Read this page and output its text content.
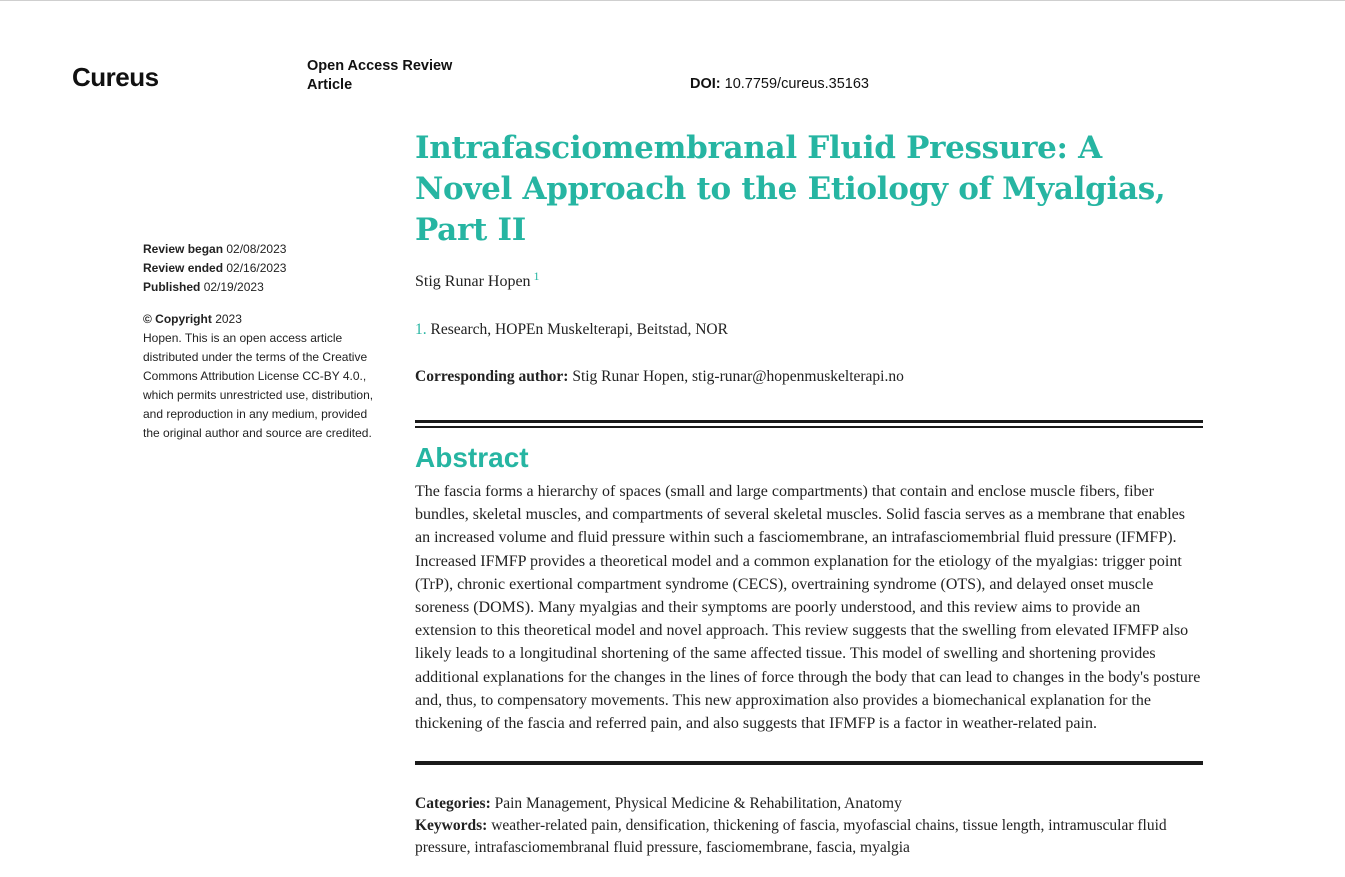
Cureus	Open Access Review Article	DOI: 10.7759/cureus.35163
Review began 02/08/2023
Review ended 02/16/2023
Published 02/19/2023
© Copyright 2023
Hopen. This is an open access article distributed under the terms of the Creative Commons Attribution License CC-BY 4.0., which permits unrestricted use, distribution, and reproduction in any medium, provided the original author and source are credited.
Intrafasciomembranal Fluid Pressure: A Novel Approach to the Etiology of Myalgias, Part II
Stig Runar Hopen $^1$
1. Research, HOPEn Muskelterapi, Beitstad, NOR
Corresponding author: Stig Runar Hopen, stig-runar@hopenmuskelterapi.no
Abstract

The fascia forms a hierarchy of spaces (small and large compartments) that contain and enclose muscle fibers, fiber bundles, skeletal muscles, and compartments of several skeletal muscles. Solid fascia serves as a membrane that enables an increased volume and fluid pressure within such a fasciomembrane, an intrafasciomembrial fluid pressure (IFMFP). Increased IFMFP provides a theoretical model and a common explanation for the etiology of the myalgias: trigger point (TrP), chronic exertional compartment syndrome (CECS), overtraining syndrome (OTS), and delayed onset muscle soreness (DOMS). Many myalgias and their symptoms are poorly understood, and this review aims to provide an extension to this theoretical model and novel approach. This review suggests that the swelling from elevated IFMFP also likely leads to a longitudinal shortening of the same affected tissue. This model of swelling and shortening provides additional explanations for the changes in the lines of force through the body that can lead to changes in the body's posture and, thus, to compensatory movements. This new approximation also provides a biomechanical explanation for the thickening of the fascia and referred pain, and also suggests that IFMFP is a factor in weather-related pain.

Categories: Pain Management, Physical Medicine & Rehabilitation, Anatomy
Keywords: weather-related pain, densification, thickening of fascia, myofascial chains, tissue length, intramuscular fluid pressure, intrafasciomembranal fluid pressure, fasciomembrane, fascia, myalgia
